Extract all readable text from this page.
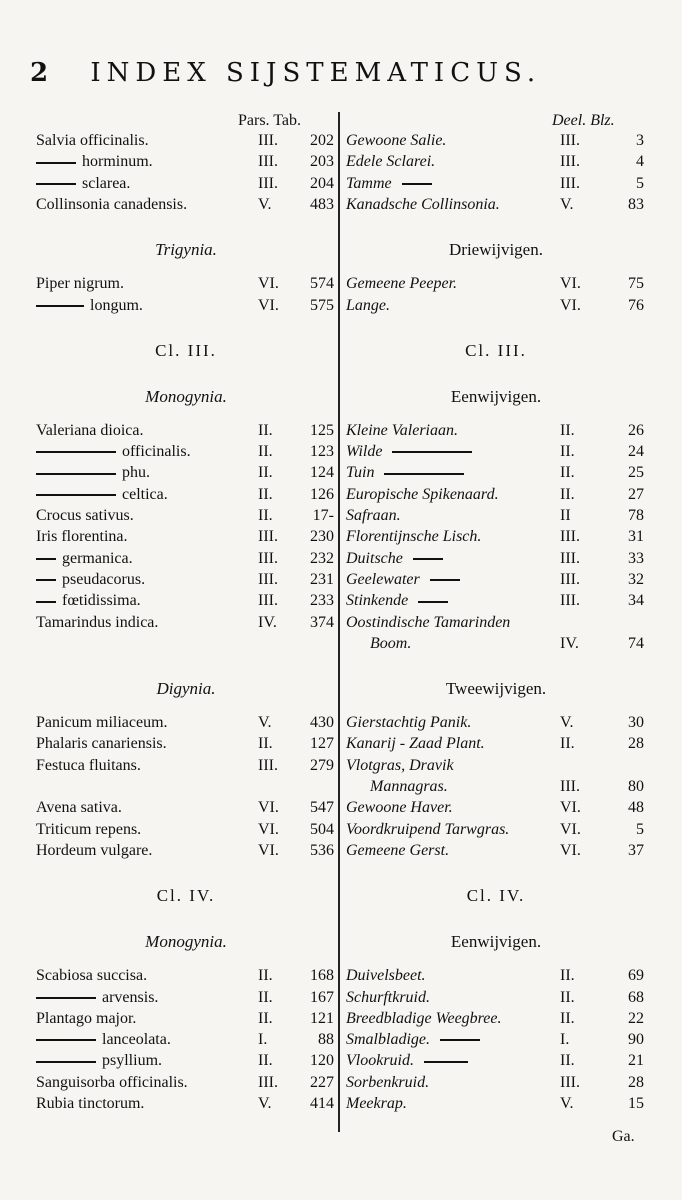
2 INDEX SIJSTEMATICUS.
Pars. Tab.	Deel. Blz.
Salvia officinalis.	III.	202 Gewoone Salie.	III.	3
horminum.	III.	203 Edele Sclarei.	III.	4
sclarea.	III.	204 Tamme	III.	5
Collinsonia canadensis.	V.	483 Kanadsche Collinsonia.	V.	83
Trigynia.	Driewijvigen.
Piper nigrum.	VI.	574 Gemeene Peeper.	VI.	75
longum.	VI.	575 Lange.	VI.	76
Cl. III.	Cl. III.
Monogynia.	Eenwijvigen.
Valeriana dioica.	II.	125 Kleine Valeriaan.	II.	26
officinalis.	II.	123 Wilde	II.	24
phu.	II.	124 Tuin	II.	25
celtica.	II.	126 Europische Spikenaard.	II.	27
Crocus sativus.	II.	17- Safraan.	II	78
Iris florentina.	III.	230 Florentijnsche Lisch.	III.	31
germanica.	III.	232 Duitsche	III.	33
pseudacorus.	III.	231 Geelewater	III.	32
fœtidissima.	III.	233 Stinkende	III.	34
Tamarindus indica.	IV.	374 Oostindische Tamarinden
Boom.	IV.	74
Digynia.	Tweewijvigen.
Panicum miliaceum.	V.	430 Gierstachtig Panik.	V.	30
Phalaris canariensis.	II.	127 Kanarij - Zaad Plant.	II.	28
Festuca fluitans.	III.	279 Vlotgras, Dravik
Mannagras.	III.	80
Avena sativa.	VI.	547 Gewoone Haver.	VI.	48
Triticum repens.	VI.	504 Voordkruipend Tarwgras.	VI.	5
Hordeum vulgare.	VI.	536 Gemeene Gerst.	VI.	37
Cl. IV.	Cl. IV.
Monogynia.	Eenwijvigen.
Scabiosa succisa.	II.	168 Duivelsbeet.	II.	69
arvensis.	II.	167 Schurftkruid.	II.	68
Plantago major.	II.	121 Breedbladige Weegbree.	II.	22
lanceolata.	I.	88 Smalbladige.	I.	90
psyllium.	II.	120 Vlookruid.	II.	21
Sanguisorba officinalis.	III.	227 Sorbenkruid.	III.	28
Rubia tinctorum.	V.	414 Meekrap.	V.	15
Ga.
